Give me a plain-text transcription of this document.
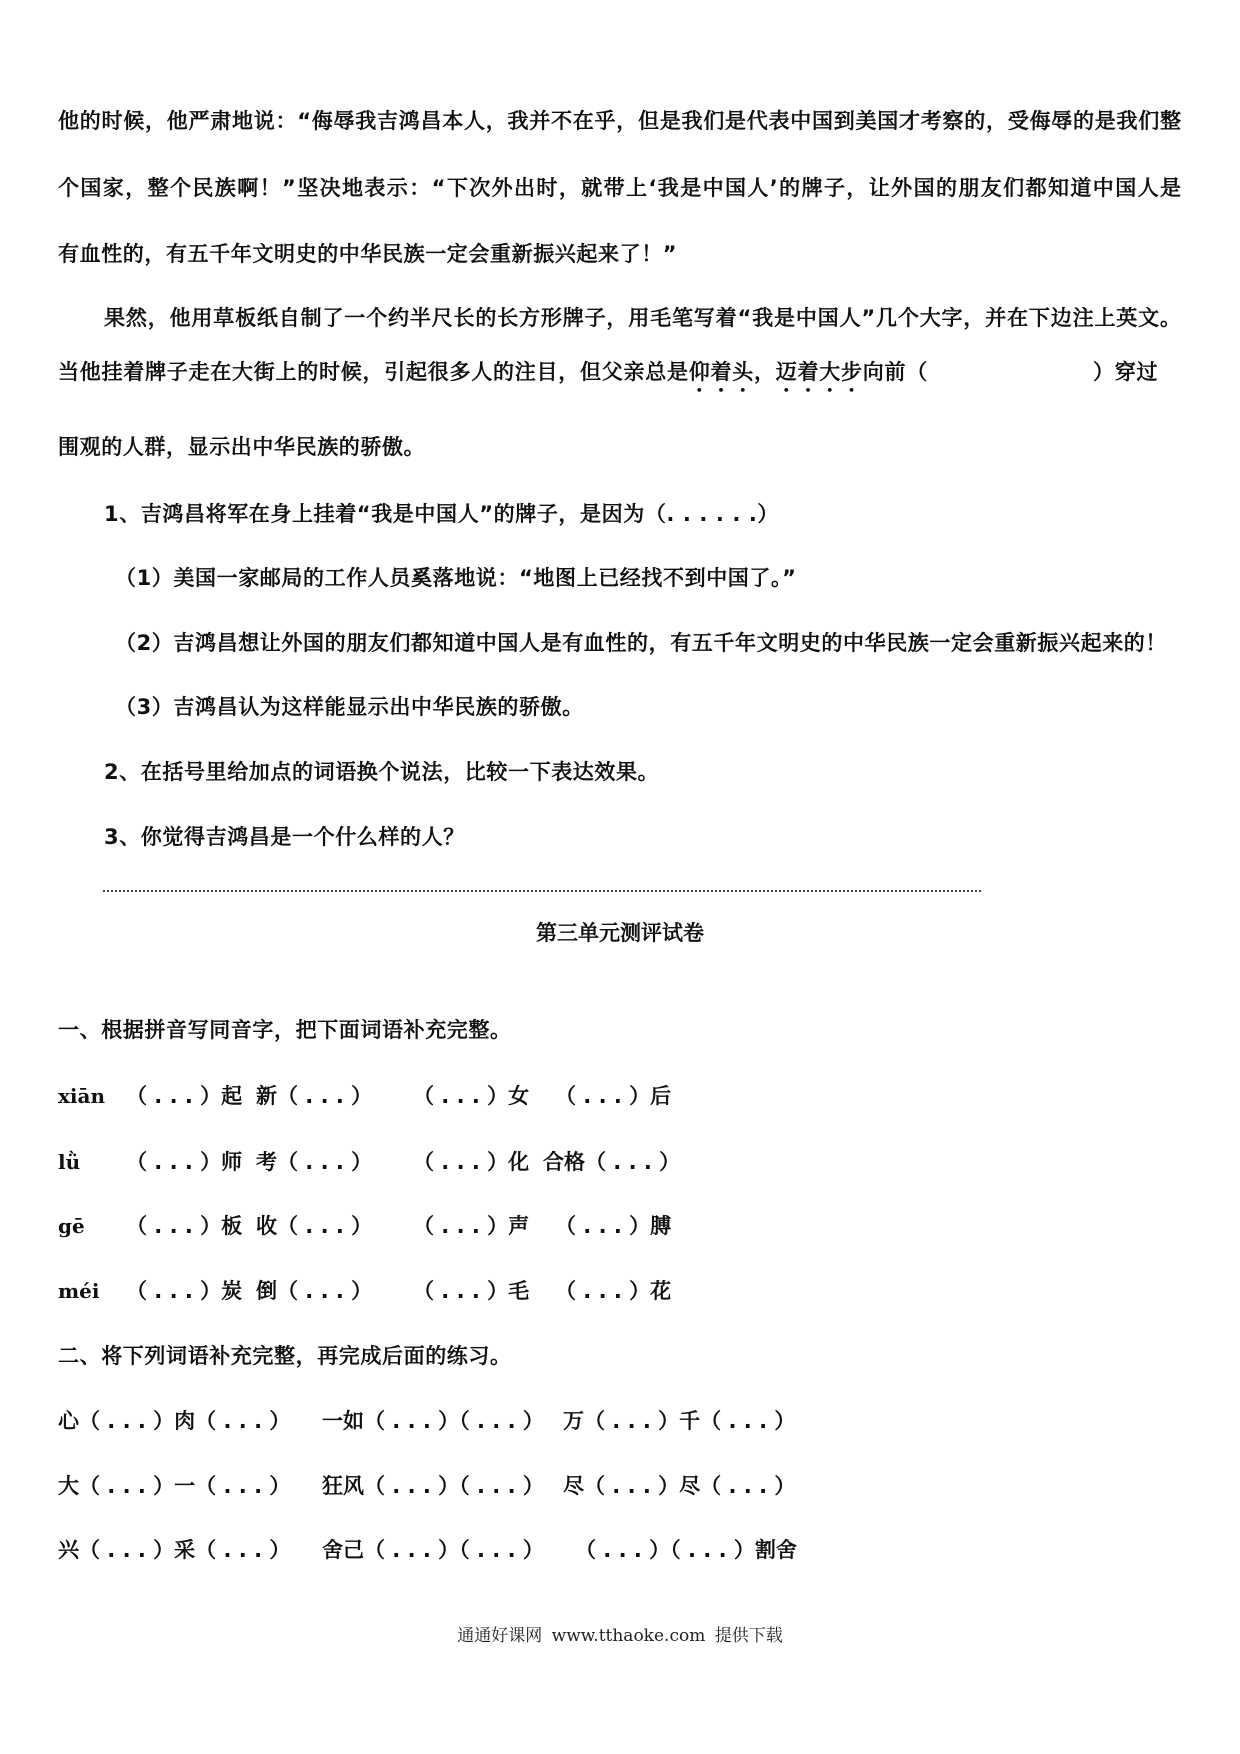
他的时候，他严肃地说：“侮辱我吉鸿昌本人，我并不在乎，但是我们是代表中国到美国才考察的，受侮辱的是我们整
个国家，整个民族啊！”坚决地表示：“下次外出时，就带上‘我是中国人’的牌子，让外国的朋友们都知道中国人是
有血性的，有五千年文明史的中华民族一定会重新振兴起来了！”
果然，他用草板纸自制了一个约半尺长的长方形牌子，用毛笔写着“我是中国人”几个大字，并在下边注上英文。
当他挂着牌子走在大街上的时候，引起很多人的注目，但父亲总是仰着头，迈着大步向前（	）穿过
围观的人群，显示出中华民族的骄傲。
1、吉鸿昌将军在身上挂着“我是中国人”的牌子，是因为（. . . . . .）
（1）美国一家邮局的工作人员奚落地说：“地图上已经找不到中国了。”
（2）吉鸿昌想让外国的朋友们都知道中国人是有血性的，有五千年文明史的中华民族一定会重新振兴起来的！
（3）吉鸿昌认为这样能显示出中华民族的骄傲。
2、在括号里给加点的词语换个说法，比较一下表达效果。
3、你觉得吉鸿昌是一个什么样的人？
第三单元测评试卷
一、根据拼音写同音字，把下面词语补充完整。
xiān （ . . . ）起 新（ . . . ） （ . . . ）女 （ . . . ）后
lǜ （ . . . ）师 考（ . . . ） （ . . . ）化 合格（ . . . ）
gē （ . . . ）板 收（ . . . ） （ . . . ）声 （ . . . ）膊
méi （ . . . ）炭 倒（ . . . ） （ . . . ）毛 （ . . . ）花
二、将下列词语补充完整，再完成后面的练习。
心（ . . . ）肉（ . . . ） 一如（ . . . ）（ . . . ） 万（ . . . ）千（ . . . ）
大（ . . . ）一（ . . . ） 狂风（ . . . ）（ . . . ） 尽（ . . . ）尽（ . . . ）
兴（ . . . ）采（ . . . ） 舍己（ . . . ）（ . . . ） （ . . . ）（ . . . ）割舍
通通好课网 www.tthaoke.com 提供下载
